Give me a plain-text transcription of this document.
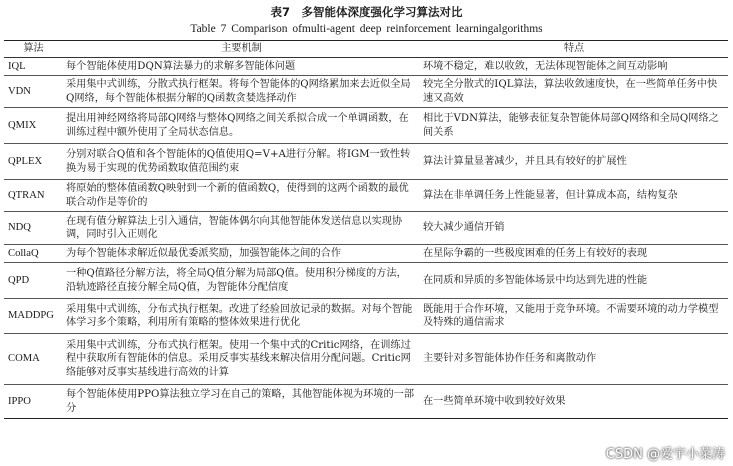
表7　多智能体深度强化学习算法对比
Table 7 Comparison ofmulti-agent deep reinforcement learningalgorithms
算法	主要机制	特点
IQL	每个智能体使用DQN算法暴力的求解多智能体问题	环境不稳定，难以收敛，无法体现智能体之间互动影响
VDN	采用集中式训练，分散式执行框架。将每个智能体的Q网络累加来去近似全局Q网络，每个智能体根据分解的Q函数贪婪选择动作	较完全分散式的IQL算法，算法收敛速度快，在一些简单任务中快速又高效
QMIX	提出用神经网络将局部Q网络与整体Q网络之间关系拟合成一个单调函数，在训练过程中额外使用了全局状态信息。	相比于VDN算法，能够表征复杂智能体局部Q网络和全局Q网络之间关系
QPLEX	分别对联合Q值和各个智能体的Q值使用Q=V+A进行分解。将IGM一致性转换为易于实现的优势函数取值范围约束	算法计算量显著减少，并且具有较好的扩展性
QTRAN	将原始的整体值函数Q映射到一个新的值函数Q，使得到的这两个函数的最优联合动作是等价的	算法在非单调任务上性能显著，但计算成本高，结构复杂
NDQ	在现有值分解算法上引入通信，智能体偶尔向其他智能体发送信息以实现协调，同时引入正则化	较大减少通信开销
CollaQ	为每个智能体求解近似最优委派奖励，加强智能体之间的合作	在星际争霸的一些极度困难的任务上有较好的表现
QPD	一种Q值路径分解方法，将全局Q值分解为局部Q值。使用积分梯度的方法，沿轨迹路径直接分解全局Q值，为智能体分配信度	在同质和异质的多智能体场景中均达到先进的性能
MADDPG	采用集中式训练，分布式执行框架。改进了经验回放记录的数据。对每个智能体学习多个策略，利用所有策略的整体效果进行优化	既能用于合作环境，又能用于竞争环境。不需要环境的动力学模型及特殊的通信需求
COMA	采用集中式训练，分布式执行框架。使用一个集中式的Critic网络，在训练过程中获取所有智能体的信息。采用反事实基线来解决信用分配问题。Critic网络能够对反事实基线进行高效的计算	主要针对多智能体协作任务和离散动作
IPPO	每个智能体使用PPO算法独立学习在自己的策略，其他智能体视为环境的一部分	在一些简单环境中收到较好效果
CSDN @爱宇小菜涛
